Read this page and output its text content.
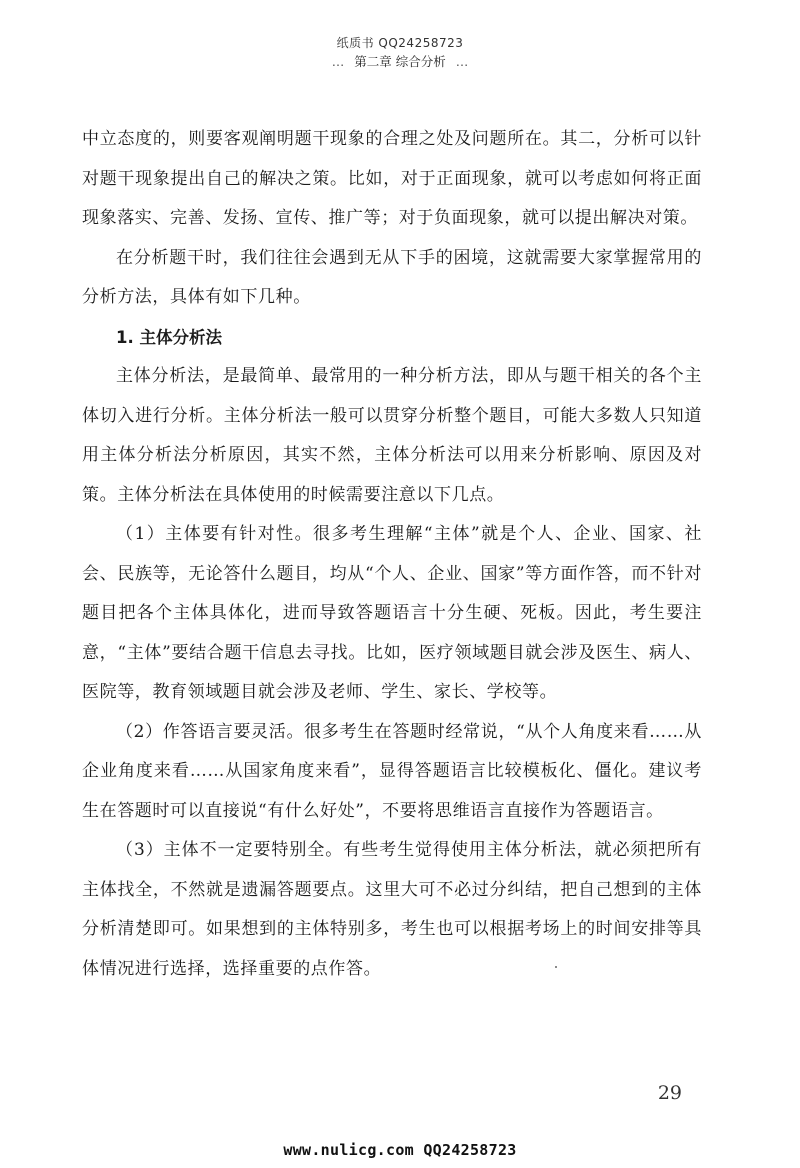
纸质书 QQ24258723
… 第二章 综合分析 …

中立态度的，则要客观阐明题干现象的合理之处及问题所在。其二，分析可以针对题干现象提出自己的解决之策。比如，对于正面现象，就可以考虑如何将正面现象落实、完善、发扬、宣传、推广等；对于负面现象，就可以提出解决对策。

在分析题干时，我们往往会遇到无从下手的困境，这就需要大家掌握常用的分析方法，具体有如下几种。

1. 主体分析法

主体分析法，是最简单、最常用的一种分析方法，即从与题干相关的各个主体切入进行分析。主体分析法一般可以贯穿分析整个题目，可能大多数人只知道用主体分析法分析原因，其实不然，主体分析法可以用来分析影响、原因及对策。主体分析法在具体使用的时候需要注意以下几点。

（1）主体要有针对性。很多考生理解“主体”就是个人、企业、国家、社会、民族等，无论答什么题目，均从“个人、企业、国家”等方面作答，而不针对题目把各个主体具体化，进而导致答题语言十分生硬、死板。因此，考生要注意，“主体”要结合题干信息去寻找。比如，医疗领域题目就会涉及医生、病人、医院等，教育领域题目就会涉及老师、学生、家长、学校等。

（2）作答语言要灵活。很多考生在答题时经常说，“从个人角度来看……从企业角度来看……从国家角度来看”，显得答题语言比较模板化、僵化。建议考生在答题时可以直接说“有什么好处”，不要将思维语言直接作为答题语言。

（3）主体不一定要特别全。有些考生觉得使用主体分析法，就必须把所有主体找全，不然就是遗漏答题要点。这里大可不必过分纠结，把自己想到的主体分析清楚即可。如果想到的主体特别多，考生也可以根据考场上的时间安排等具体情况进行选择，选择重要的点作答。

29
www.nulicg.com QQ24258723
